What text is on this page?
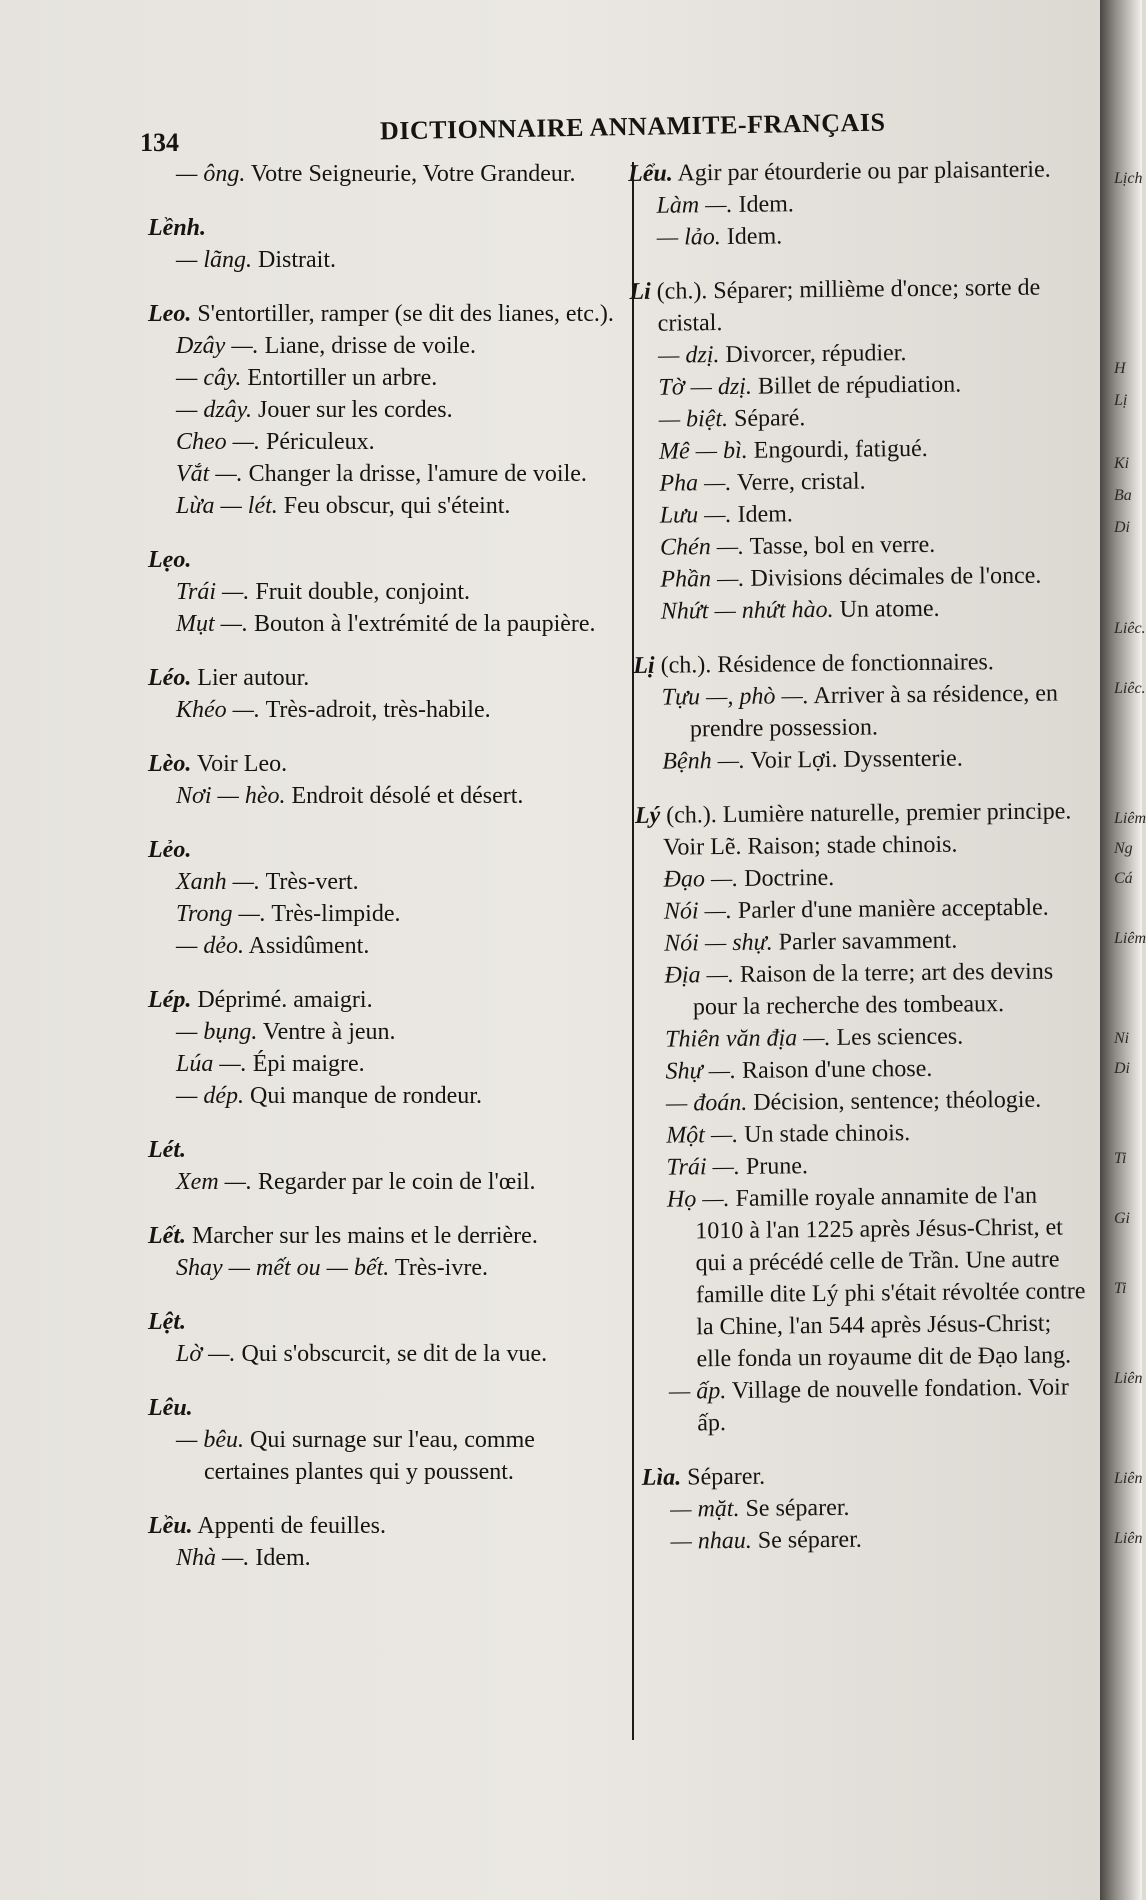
134	DICTIONNAIRE ANNAMITE-FRANÇAIS
— ông. Votre Seigneurie, Votre Grandeur.
Lềnh.
— lãng. Distrait.
Leo. S'entortiller, ramper (se dit des lianes, etc.).
Dzây —. Liane, drisse de voile.
— cây. Entortiller un arbre.
— dzây. Jouer sur les cordes.
Cheo —. Périculeux.
Vắt —. Changer la drisse, l'amure de voile.
Lừa — lét. Feu obscur, qui s'éteint.
Lẹo.
Trái —. Fruit double, conjoint.
Mụt —. Bouton à l'extrémité de la paupière.
Léo. Lier autour.
Khéo —. Très-adroit, très-habile.
Lèo. Voir Leo.
Nơi — hèo. Endroit désolé et désert.
Lẻo.
Xanh —. Très-vert.
Trong —. Très-limpide.
— dẻo. Assidûment.
Lép. Déprimé. amaigri.
— bụng. Ventre à jeun.
Lúa —. Épi maigre.
— dép. Qui manque de rondeur.
Lét.
Xem —. Regarder par le coin de l'œil.
Lết. Marcher sur les mains et le derrière.
Shay — mết ou — bết. Très-ivre.
Lệt.
Lờ —. Qui s'obscurcit, se dit de la vue.
Lêu.
— bêu. Qui surnage sur l'eau, comme certaines plantes qui y poussent.
Lều. Appenti de feuilles.
Nhà —. Idem.
Lểu. Agir par étourderie ou par plaisanterie.
Làm —. Idem.
— lảo. Idem.
Li (ch.). Séparer; millième d'once; sorte de cristal.
— dzị. Divorcer, répudier.
Tờ — dzị. Billet de répudiation.
— biệt. Séparé.
Mê — bì. Engourdi, fatigué.
Pha —. Verre, cristal.
Lưu —. Idem.
Chén —. Tasse, bol en verre.
Phần —. Divisions décimales de l'once.
Nhứt — nhứt hào. Un atome.
Lị (ch.). Résidence de fonctionnaires.
Tựu —, phò —. Arriver à sa résidence, en prendre possession.
Bệnh —. Voir Lợi. Dyssenterie.
Lý (ch.). Lumière naturelle, premier principe. Voir Lẽ. Raison; stade chinois.
Đạo —. Doctrine.
Nói —. Parler d'une manière acceptable.
Nói — shự. Parler savamment.
Địa —. Raison de la terre; art des devins pour la recherche des tombeaux.
Thiên văn địa —. Les sciences.
Shự —. Raison d'une chose.
— đoán. Décision, sentence; théologie.
Một —. Un stade chinois.
Trái —. Prune.
Họ —. Famille royale annamite de l'an 1010 à l'an 1225 après Jésus-Christ, et qui a précédé celle de Trần. Une autre famille dite Lý phi s'était révoltée contre la Chine, l'an 544 après Jésus-Christ; elle fonda un royaume dit de Đạo lang.
— ấp. Village de nouvelle fondation. Voir ấp.
Lìa. Séparer.
— mặt. Se séparer.
— nhau. Se séparer.
Lịch
H
Lị
Ki
Ba
Di
Liêc.
Liêc.
Liêm
Ng
Cá
Liêm
Ni
Di
Ti
Gi
Ti
Liên
Liên
Liên
